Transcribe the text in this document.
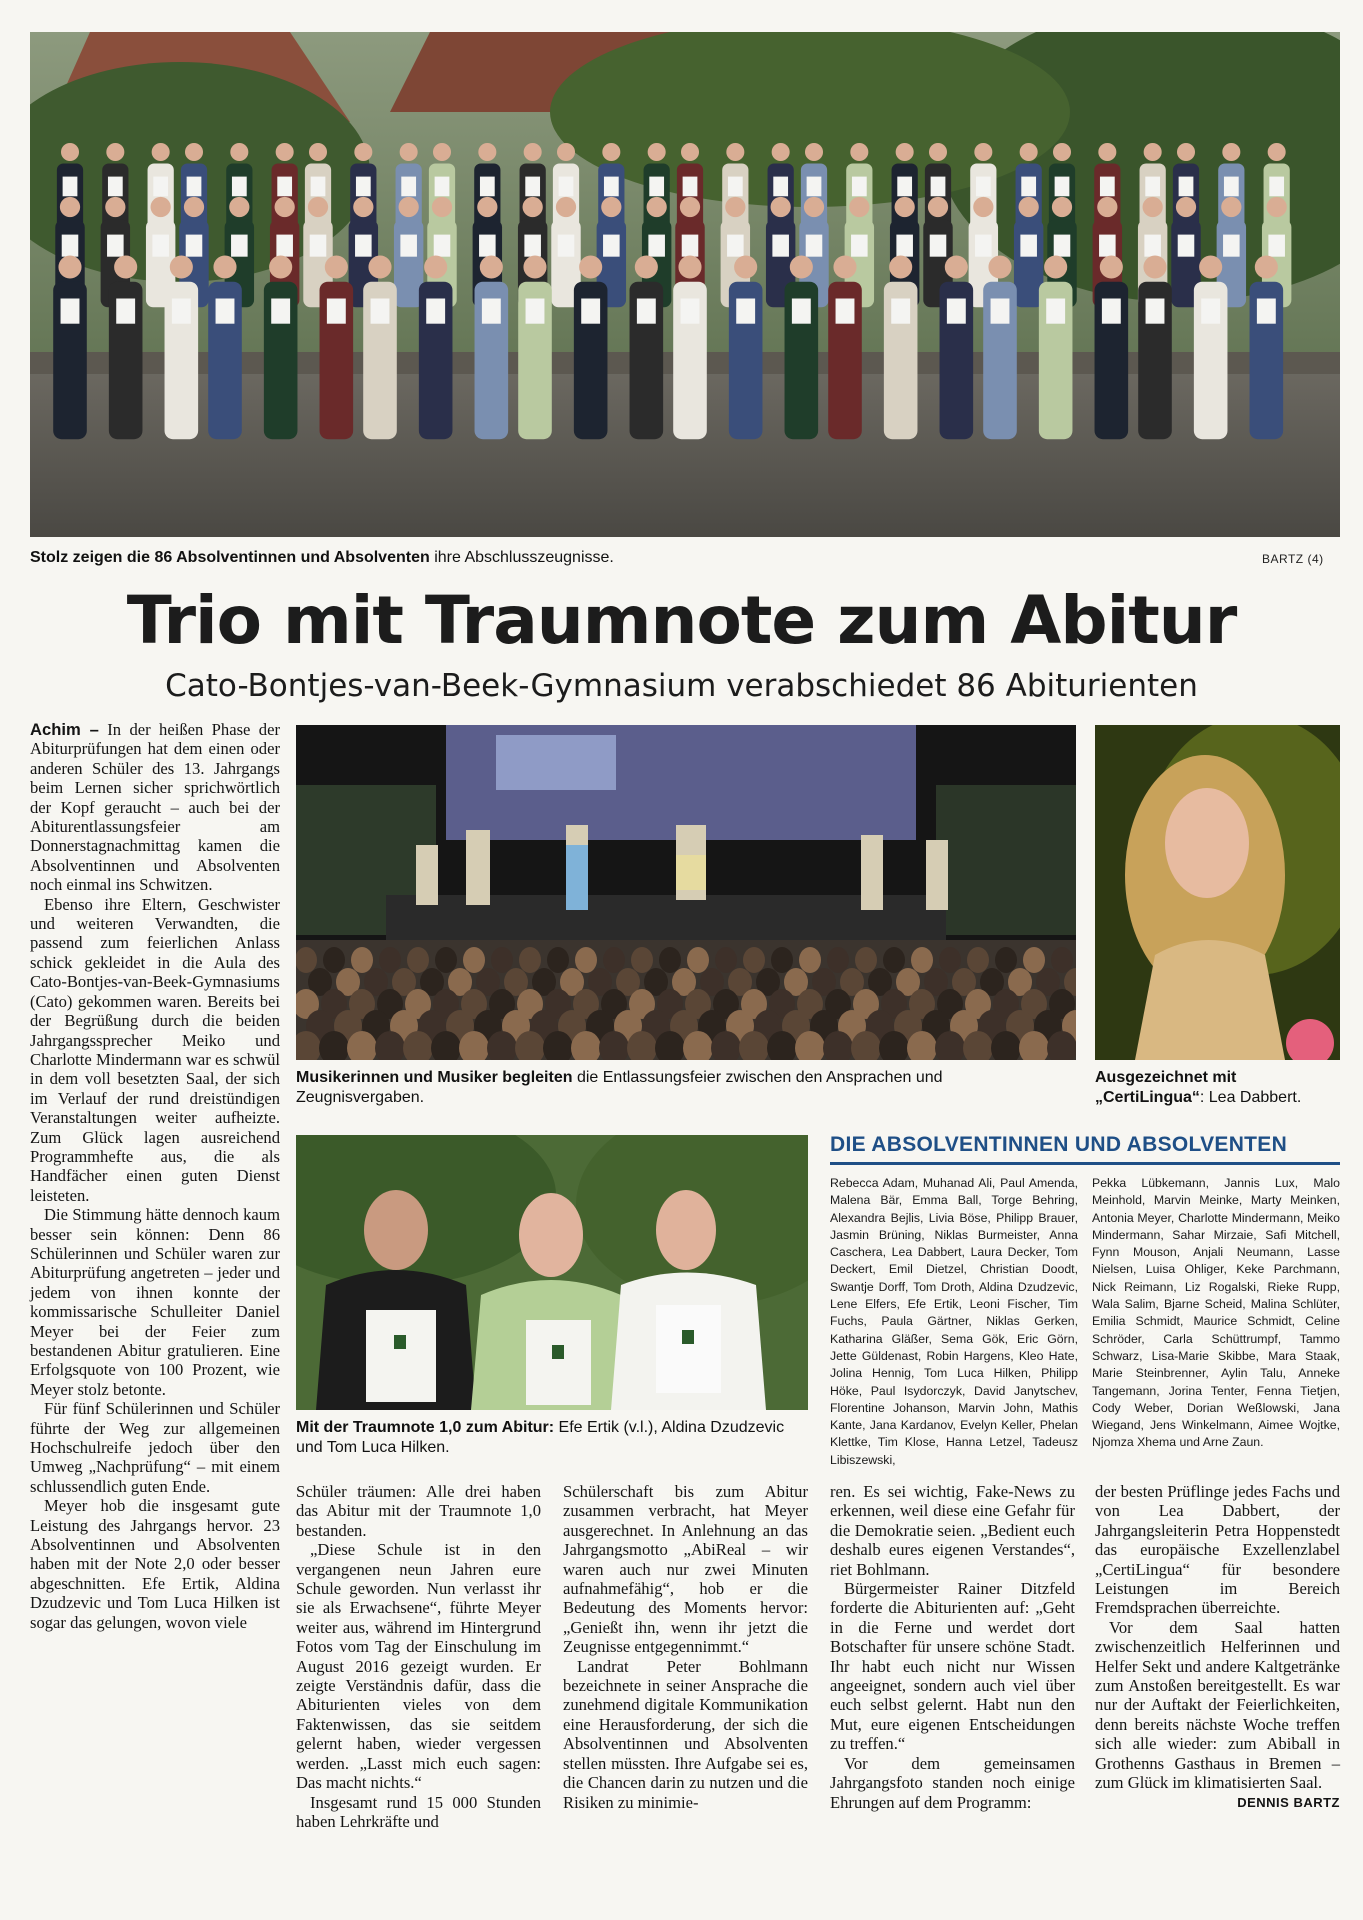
Stolz zeigen die 86 Absolventinnen und Absolventen ihre Abschlusszeugnisse.	BARTZ (4)
Trio mit Traumnote zum Abitur
Cato-Bontjes-van-Beek-Gymnasium verabschiedet 86 Abiturienten
Musikerinnen und Musiker begleiten die Entlassungsfeier zwischen den Ansprachen und Zeugnisvergaben.
Ausgezeichnet mit „CertiLingua“: Lea Dabbert.
Mit der Traumnote 1,0 zum Abitur: Efe Ertik (v.l.), Aldina Dzudzevic und Tom Luca Hilken.
DIE ABSOLVENTINNEN UND ABSOLVENTEN
Rebecca Adam, Muhanad Ali, Paul Amenda, Malena Bär, Emma Ball, Torge Behring, Alexandra Bejlis, Livia Böse, Philipp Brauer, Jasmin Brüning, Niklas Burmeister, Anna Caschera, Lea Dabbert, Laura Decker, Tom Deckert, Emil Dietzel, Christian Doodt, Swantje Dorff, Tom Droth, Aldina Dzudzevic, Lene Elfers, Efe Ertik, Leoni Fischer, Tim Fuchs, Paula Gärtner, Niklas Gerken, Katharina Gläßer, Sema Gök, Eric Görn, Jette Güldenast, Robin Hargens, Kleo Hate, Jolina Hennig, Tom Luca Hilken, Philipp Höke, Paul Isydorczyk, David Janytschev, Florentine Johanson, Marvin John, Mathis Kante, Jana Kardanov, Evelyn Keller, Phelan Klettke, Tim Klose, Hanna Letzel, Tadeusz Libiszewski,
Pekka Lübkemann, Jannis Lux, Malo Meinhold, Marvin Meinke, Marty Meinken, Antonia Meyer, Charlotte Mindermann, Meiko Mindermann, Sahar Mirzaie, Safi Mitchell, Fynn Mouson, Anjali Neumann, Lasse Nielsen, Luisa Ohliger, Keke Parchmann, Nick Reimann, Liz Rogalski, Rieke Rupp, Wala Salim, Bjarne Scheid, Malina Schlüter, Emilia Schmidt, Maurice Schmidt, Celine Schröder, Carla Schüttrumpf, Tammo Schwarz, Lisa-Marie Skibbe, Mara Staak, Marie Steinbrenner, Aylin Talu, Anneke Tangemann, Jorina Tenter, Fenna Tietjen, Cody Weber, Dorian Weßlowski, Jana Wiegand, Jens Winkelmann, Aimee Wojtke, Njomza Xhema und Arne Zaun.

Achim – In der heißen Phase der Abiturprüfungen hat dem einen oder anderen Schüler des 13. Jahrgangs beim Lernen sicher sprichwörtlich der Kopf geraucht – auch bei der Abiturentlassungsfeier am Donnerstagnachmittag kamen die Absolventinnen und Absolventen noch einmal ins Schwitzen.

Ebenso ihre Eltern, Geschwister und weiteren Verwandten, die passend zum feierlichen Anlass schick gekleidet in die Aula des Cato-Bontjes-van-Beek-Gymnasiums (Cato) gekommen waren. Bereits bei der Begrüßung durch die beiden Jahrgangssprecher Meiko und Charlotte Mindermann war es schwül in dem voll besetzten Saal, der sich im Verlauf der rund dreistündigen Veranstaltungen weiter aufheizte. Zum Glück lagen ausreichend Programmhefte aus, die als Handfächer einen guten Dienst leisteten.

Die Stimmung hätte dennoch kaum besser sein können: Denn 86 Schülerinnen und Schüler waren zur Abiturprüfung angetreten – jeder und jedem von ihnen konnte der kommissarische Schulleiter Daniel Meyer bei der Feier zum bestandenen Abitur gratulieren. Eine Erfolgsquote von 100 Prozent, wie Meyer stolz betonte.

Für fünf Schülerinnen und Schüler führte der Weg zur allgemeinen Hochschulreife jedoch über den Umweg „Nachprüfung“ – mit einem schlussendlich guten Ende.

Meyer hob die insgesamt gute Leistung des Jahrgangs hervor. 23 Absolventinnen und Absolventen haben mit der Note 2,0 oder besser abgeschnitten. Efe Ertik, Aldina Dzudzevic und Tom Luca Hilken ist sogar das gelungen, wovon viele

Schüler träumen: Alle drei haben das Abitur mit der Traumnote 1,0 bestanden.

„Diese Schule ist in den vergangenen neun Jahren eure Schule geworden. Nun verlasst ihr sie als Erwachsene“, führte Meyer weiter aus, während im Hintergrund Fotos vom Tag der Einschulung im August 2016 gezeigt wurden. Er zeigte Verständnis dafür, dass die Abiturienten vieles von dem Faktenwissen, das sie seitdem gelernt haben, wieder vergessen werden. „Lasst mich euch sagen: Das macht nichts.“

Insgesamt rund 15 000 Stunden haben Lehrkräfte und

Schülerschaft bis zum Abitur zusammen verbracht, hat Meyer ausgerechnet. In Anlehnung an das Jahrgangsmotto „AbiReal – wir waren auch nur zwei Minuten aufnahmefähig“, hob er die Bedeutung des Moments hervor: „Genießt ihn, wenn ihr jetzt die Zeugnisse entgegennimmt.“

Landrat Peter Bohlmann bezeichnete in seiner Ansprache die zunehmend digitale Kommunikation eine Herausforderung, der sich die Absolventinnen und Absolventen stellen müssten. Ihre Aufgabe sei es, die Chancen darin zu nutzen und die Risiken zu minimie-

ren. Es sei wichtig, Fake-News zu erkennen, weil diese eine Gefahr für die Demokratie seien. „Bedient euch deshalb eures eigenen Verstandes“, riet Bohlmann.

Bürgermeister Rainer Ditzfeld forderte die Abiturienten auf: „Geht in die Ferne und werdet dort Botschafter für unsere schöne Stadt. Ihr habt euch nicht nur Wissen angeeignet, sondern auch viel über euch selbst gelernt. Habt nun den Mut, eure eigenen Entscheidungen zu treffen.“

Vor dem gemeinsamen Jahrgangsfoto standen noch einige Ehrungen auf dem Programm:

der besten Prüflinge jedes Fachs und von Lea Dabbert, der Jahrgangsleiterin Petra Hoppenstedt das europäische Exzellenzlabel „CertiLingua“ für besondere Leistungen im Bereich Fremdsprachen überreichte.

Vor dem Saal hatten zwischenzeitlich Helferinnen und Helfer Sekt und andere Kaltgetränke zum Anstoßen bereitgestellt. Es war nur der Auftakt der Feierlichkeiten, denn bereits nächste Woche treffen sich alle wieder: zum Abiball in Grothenns Gasthaus in Bremen – zum Glück im klimatisierten Saal.
DENNIS BARTZ
